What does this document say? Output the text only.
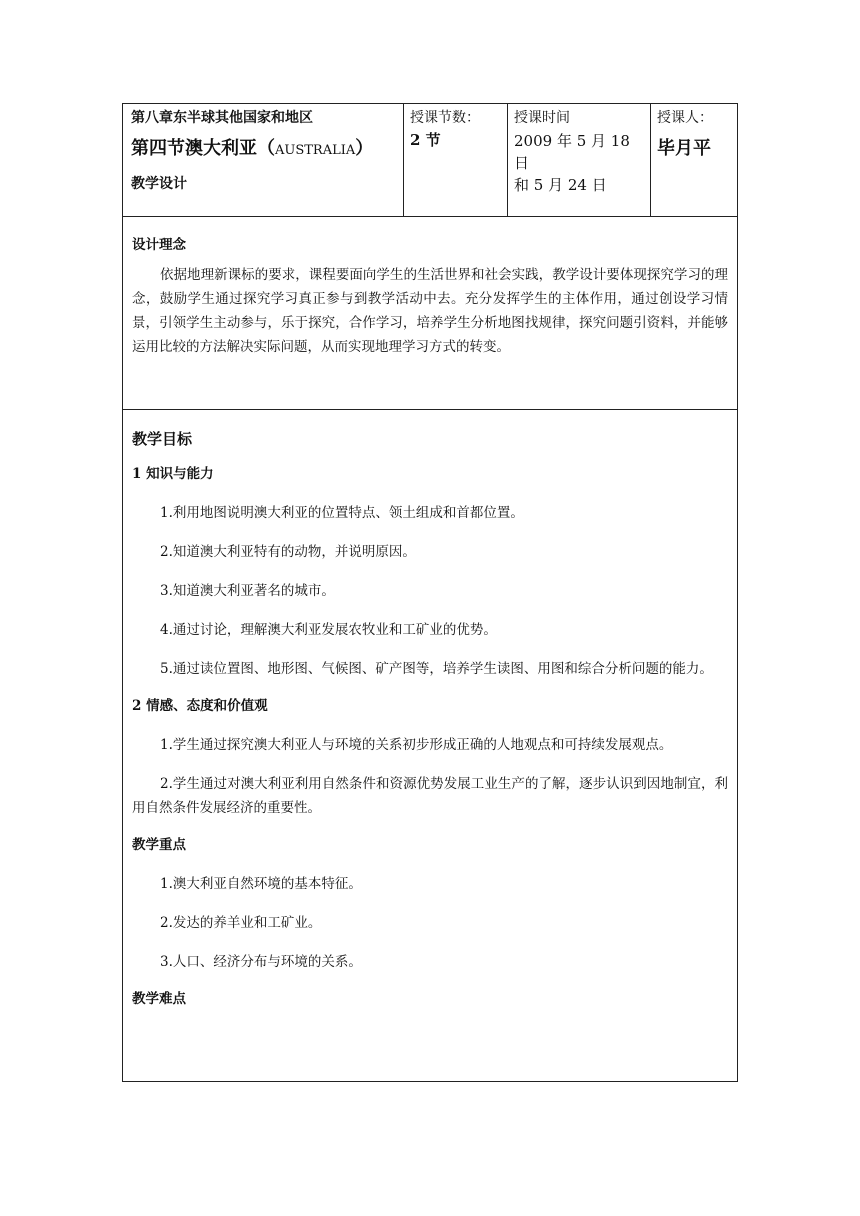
第八章东半球其他国家和地区
第四节澳大利亚（AUSTRALIA）
教学设计
授课节数：
2 节
授课时间
2009 年 5 月 18
日
和 5 月 24 日
授课人：
毕月平
设计理念
依据地理新课标的要求，课程要面向学生的生活世界和社会实践，教学设计要体现探究学习的理念，鼓励学生通过探究学习真正参与到教学活动中去。充分发挥学生的主体作用，通过创设学习情景，引领学生主动参与，乐于探究，合作学习，培养学生分析地图找规律，探究问题引资料，并能够运用比较的方法解决实际问题，从而实现地理学习方式的转变。
教学目标
1 知识与能力
1.利用地图说明澳大利亚的位置特点、领土组成和首都位置。
2.知道澳大利亚特有的动物，并说明原因。
3.知道澳大利亚著名的城市。
4.通过讨论，理解澳大利亚发展农牧业和工矿业的优势。
5.通过读位置图、地形图、气候图、矿产图等，培养学生读图、用图和综合分析问题的能力。
2 情感、态度和价值观
1.学生通过探究澳大利亚人与环境的关系初步形成正确的人地观点和可持续发展观点。
2.学生通过对澳大利亚利用自然条件和资源优势发展工业生产的了解，逐步认识到因地制宜，利用自然条件发展经济的重要性。
教学重点
1.澳大利亚自然环境的基本特征。
2.发达的养羊业和工矿业。
3.人口、经济分布与环境的关系。
教学难点
